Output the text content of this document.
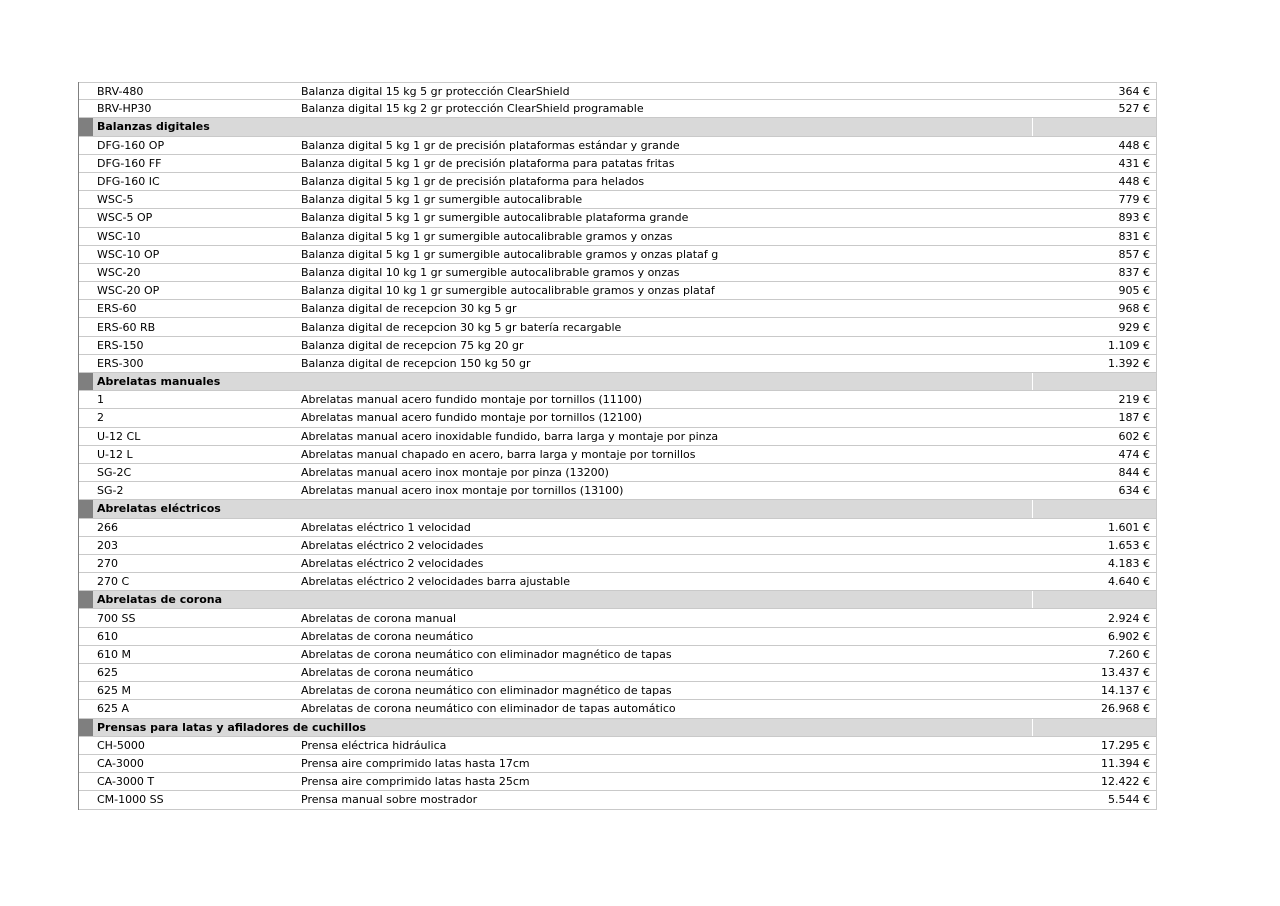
BRV-480	Balanza digital 15 kg 5 gr protección ClearShield	364 €
BRV-HP30	Balanza digital 15 kg 2 gr protección ClearShield programable	527 €
Balanzas digitales
DFG-160 OP	Balanza digital 5 kg 1 gr de precisión plataformas estándar y grande	448 €
DFG-160 FF	Balanza digital 5 kg 1 gr de precisión plataforma para patatas fritas	431 €
DFG-160 IC	Balanza digital 5 kg 1 gr de precisión plataforma para helados	448 €
WSC-5	Balanza digital 5 kg 1 gr sumergible autocalibrable	779 €
WSC-5 OP	Balanza digital 5 kg 1 gr sumergible autocalibrable plataforma grande	893 €
WSC-10	Balanza digital 5 kg 1 gr sumergible autocalibrable gramos y onzas	831 €
WSC-10 OP	Balanza digital 5 kg 1 gr sumergible autocalibrable gramos y onzas plataf g	857 €
WSC-20	Balanza digital 10 kg 1 gr sumergible autocalibrable gramos y onzas	837 €
WSC-20 OP	Balanza digital 10 kg 1 gr sumergible autocalibrable gramos y onzas plataf	905 €
ERS-60	Balanza digital de recepcion 30 kg 5 gr	968 €
ERS-60 RB	Balanza digital de recepcion 30 kg 5 gr batería recargable	929 €
ERS-150	Balanza digital de recepcion 75 kg 20 gr	1.109 €
ERS-300	Balanza digital de recepcion 150 kg 50 gr	1.392 €
Abrelatas manuales
1	Abrelatas manual acero fundido montaje por tornillos (11100)	219 €
2	Abrelatas manual acero fundido montaje por tornillos (12100)	187 €
U-12 CL	Abrelatas manual acero inoxidable fundido, barra larga y montaje por pinza	602 €
U-12 L	Abrelatas manual chapado en acero, barra larga y montaje por tornillos	474 €
SG-2C	Abrelatas manual acero inox montaje por pinza (13200)	844 €
SG-2	Abrelatas manual acero inox montaje por tornillos (13100)	634 €
Abrelatas eléctricos
266	Abrelatas eléctrico 1 velocidad	1.601 €
203	Abrelatas eléctrico 2 velocidades	1.653 €
270	Abrelatas eléctrico 2 velocidades	4.183 €
270 C	Abrelatas eléctrico 2 velocidades barra ajustable	4.640 €
Abrelatas de corona
700 SS	Abrelatas de corona manual	2.924 €
610	Abrelatas de corona neumático	6.902 €
610 M	Abrelatas de corona neumático con eliminador magnético de tapas	7.260 €
625	Abrelatas de corona neumático	13.437 €
625 M	Abrelatas de corona neumático con eliminador magnético de tapas	14.137 €
625 A	Abrelatas de corona neumático con eliminador de tapas automático	26.968 €
Prensas para latas y afiladores de cuchillos
CH-5000	Prensa eléctrica hidráulica	17.295 €
CA-3000	Prensa aire comprimido latas hasta 17cm	11.394 €
CA-3000 T	Prensa aire comprimido latas hasta 25cm	12.422 €
CM-1000 SS	Prensa manual sobre mostrador	5.544 €
